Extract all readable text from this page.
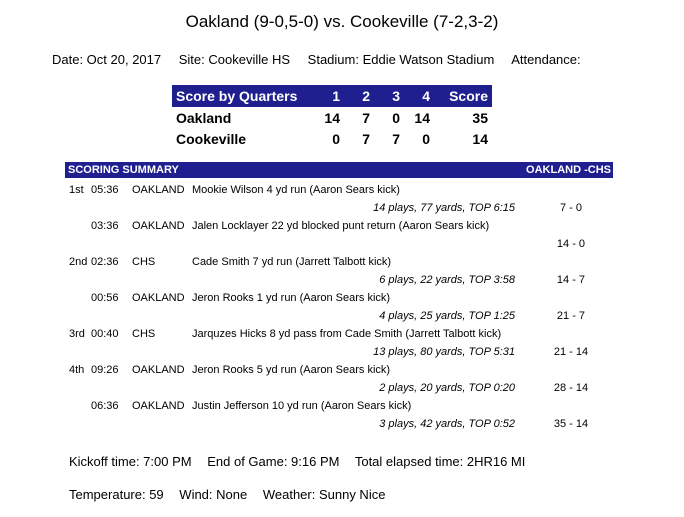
Oakland (9-0,5-0) vs. Cookeville (7-2,3-2)
Date: Oct 20, 2017 Site: Cookeville HS Stadium: Eddie Watson Stadium Attendance:
Score by Quarters	1	2	3	4	Score
Oakland	14	7	0	14	35
Cookeville	0	7	7	0	14
SCORING SUMMARY	OAKLAND -CHS
1st 05:36 OAKLAND Mookie Wilson 4 yd run (Aaron Sears kick)
14 plays, 77 yards, TOP 6:15	7 - 0
03:36 OAKLAND Jalen Locklayer 22 yd blocked punt return (Aaron Sears kick)
14 - 0
2nd 02:36 CHS	Cade Smith 7 yd run (Jarrett Talbott kick)
6 plays, 22 yards, TOP 3:58	14 - 7
00:56 OAKLAND Jeron Rooks 1 yd run (Aaron Sears kick)
4 plays, 25 yards, TOP 1:25	21 - 7
3rd 00:40 CHS	Jarquzes Hicks 8 yd pass from Cade Smith (Jarrett Talbott kick)
13 plays, 80 yards, TOP 5:31	21 - 14
4th 09:26 OAKLAND Jeron Rooks 5 yd run (Aaron Sears kick)
2 plays, 20 yards, TOP 0:20	28 - 14
06:36 OAKLAND Justin Jefferson 10 yd run (Aaron Sears kick)
3 plays, 42 yards, TOP 0:52	35 - 14
Kickoff time: 7:00 PM End of Game: 9:16 PM Total elapsed time: 2HR16 MI
Temperature: 59 Wind: None Weather: Sunny Nice
